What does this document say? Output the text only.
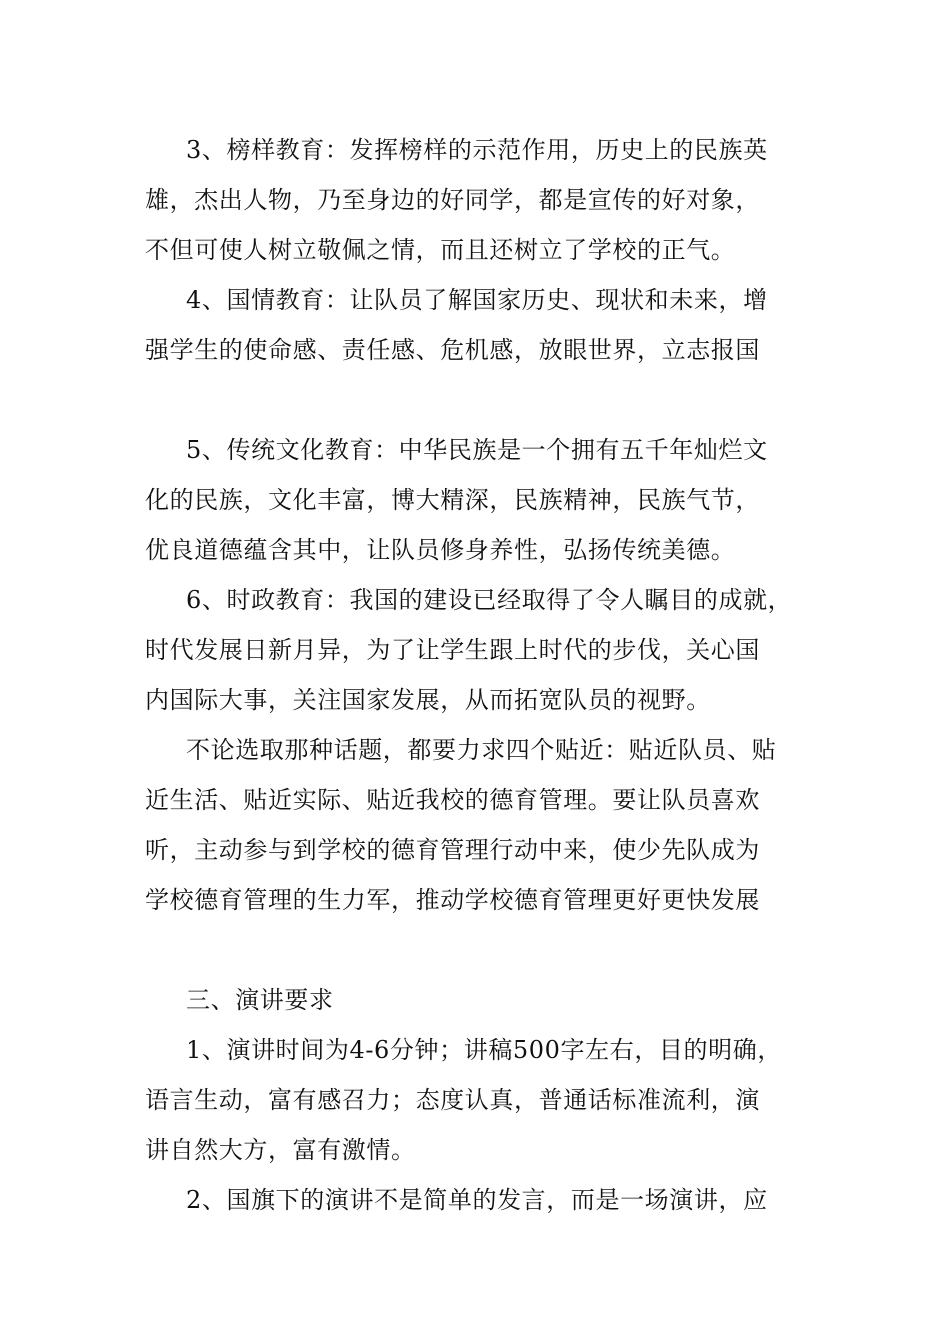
3、榜样教育：发挥榜样的示范作用，历史上的民族英
雄，杰出人物，乃至身边的好同学，都是宣传的好对象，
不但可使人树立敬佩之情，而且还树立了学校的正气。
4、国情教育：让队员了解国家历史、现状和未来，增
强学生的使命感、责任感、危机感，放眼世界，立志报国
5、传统文化教育：中华民族是一个拥有五千年灿烂文
化的民族，文化丰富，博大精深，民族精神，民族气节，
优良道德蕴含其中，让队员修身养性，弘扬传统美德。
6、时政教育：我国的建设已经取得了令人瞩目的成就，
时代发展日新月异，为了让学生跟上时代的步伐，关心国
内国际大事，关注国家发展，从而拓宽队员的视野。
不论选取那种话题，都要力求四个贴近：贴近队员、贴
近生活、贴近实际、贴近我校的德育管理。要让队员喜欢
听，主动参与到学校的德育管理行动中来，使少先队成为
学校德育管理的生力军，推动学校德育管理更好更快发展
三、演讲要求
1、演讲时间为4-6分钟；讲稿500字左右，目的明确，
语言生动，富有感召力；态度认真，普通话标准流利，演
讲自然大方，富有激情。
2、国旗下的演讲不是简单的发言，而是一场演讲，应
